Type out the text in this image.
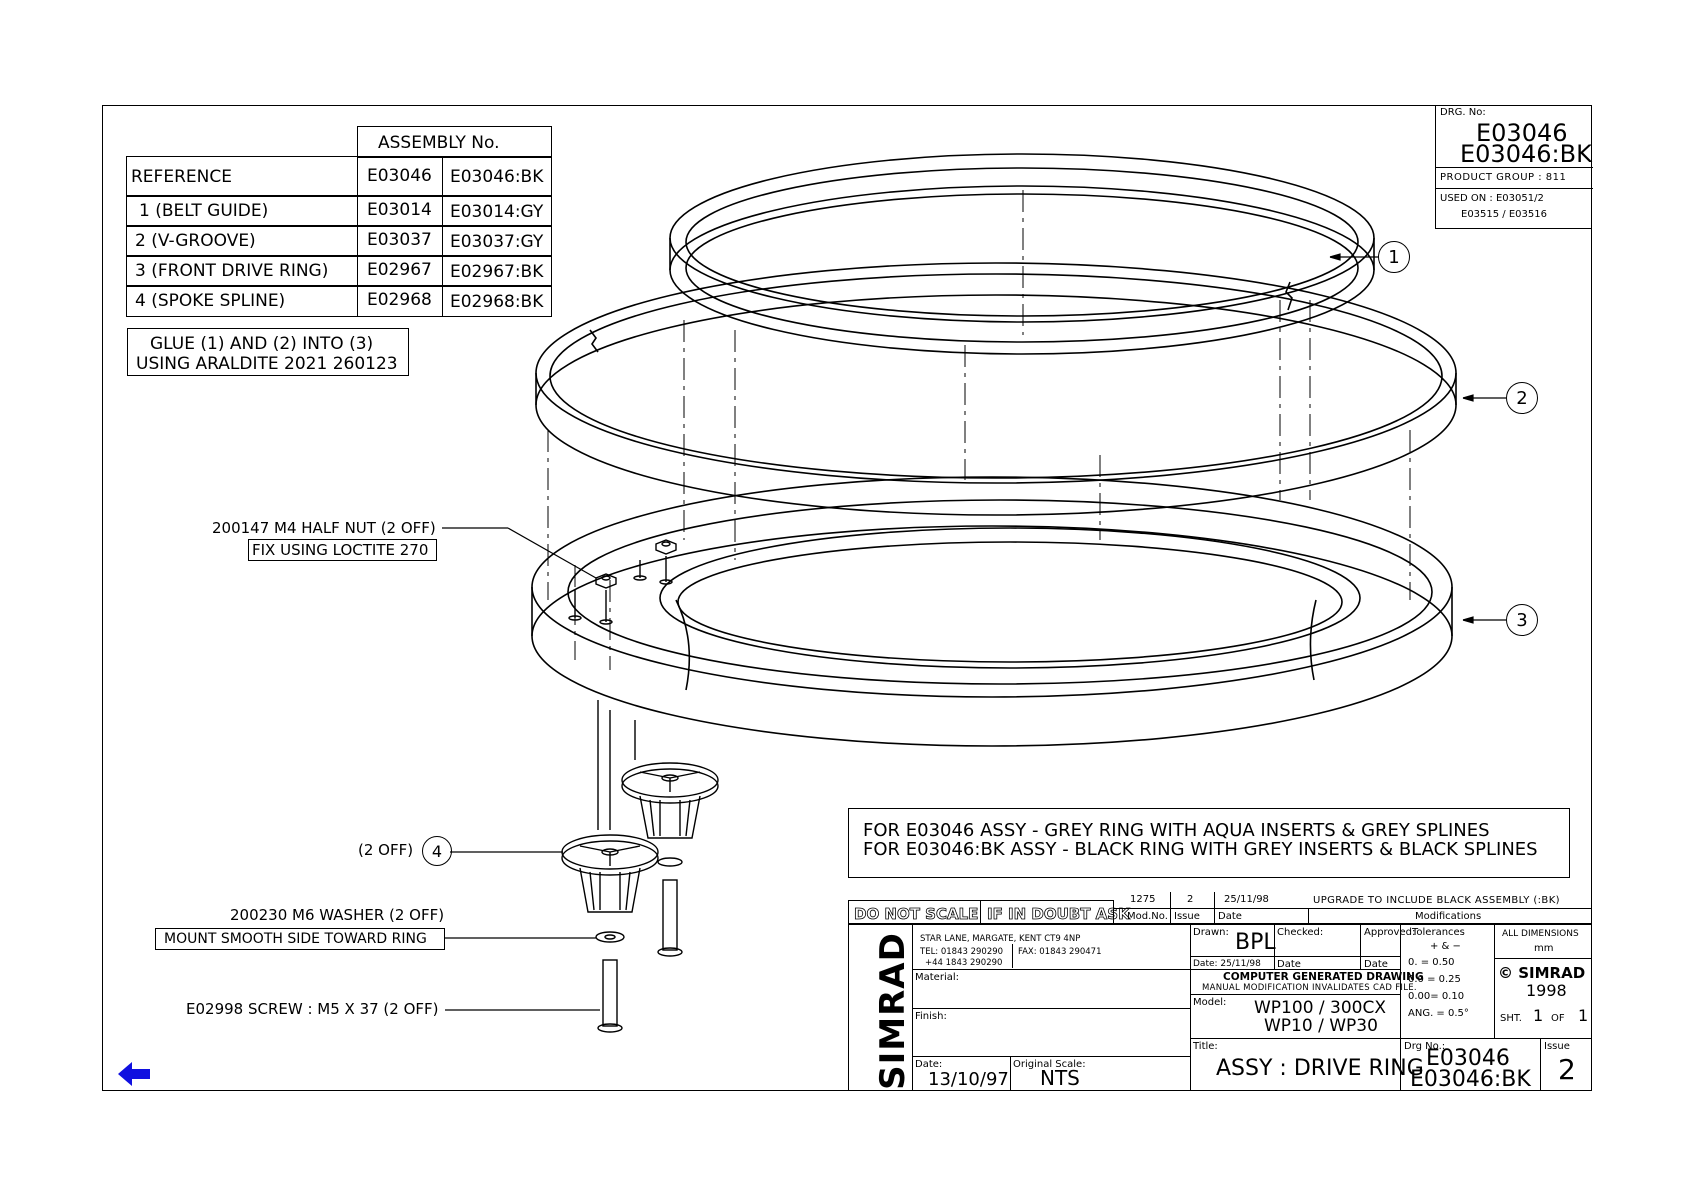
1
2
3
4
ASSEMBLY No.
REFERENCE	E03046 E03046:BK
1 (BELT GUIDE)	E03014 E03014:GY
2 (V-GROOVE)	E03037 E03037:GY
3 (FRONT DRIVE RING) E02967 E02967:BK
4 (SPOKE SPLINE)	E02968 E02968:BK
GLUE (1) AND (2) INTO (3)
USING ARALDITE 2021 260123
DRG. No:
E03046
E03046:BK
PRODUCT GROUP : 811
USED ON : E03051/2
E03515 / E03516
200147 M4 HALF NUT (2 OFF)
FIX USING LOCTITE 270
(2 OFF)
200230 M6 WASHER (2 OFF)
MOUNT SMOOTH SIDE TOWARD RING
E02998 SCREW : M5 X 37 (2 OFF)
FOR E03046 ASSY - GREY RING WITH AQUA INSERTS & GREY SPLINES
FOR E03046:BK ASSY - BLACK RING WITH GREY INSERTS & BLACK SPLINES
DO NOT SCALE IF IN DOUBT ASK
1275	2	25/11/98	UPGRADE TO INCLUDE BLACK ASSEMBLY (:BK)
Mod.No. Issue Date	Modifications
SIMRAD STAR LANE, MARGATE, KENT CT9 4NP
TEL: 01843 290290 FAX: 01843 290471
+44 1843 290290
Material:
Finish:
Date:
13/10/97
Original Scale:
NTS
Drawn: BPL
Date: 25/11/98
Checked:
Date
Approved:
Date
COMPUTER GENERATED DRAWING
MANUAL MODIFICATION INVALIDATES CAD FILE.
Model: WP100 / 300CX
WP10 / WP30
Title:
ASSY : DRIVE RING
Tolerances
+ & −
0. = 0.50
0.0 = 0.25
0.00= 0.10
ANG. = 0.5°
ALL DIMENSIONS
mm
© SIMRAD
1998
SHT. 1 OF 1
Drg No.:
E03046
E03046:BK
Issue
2
